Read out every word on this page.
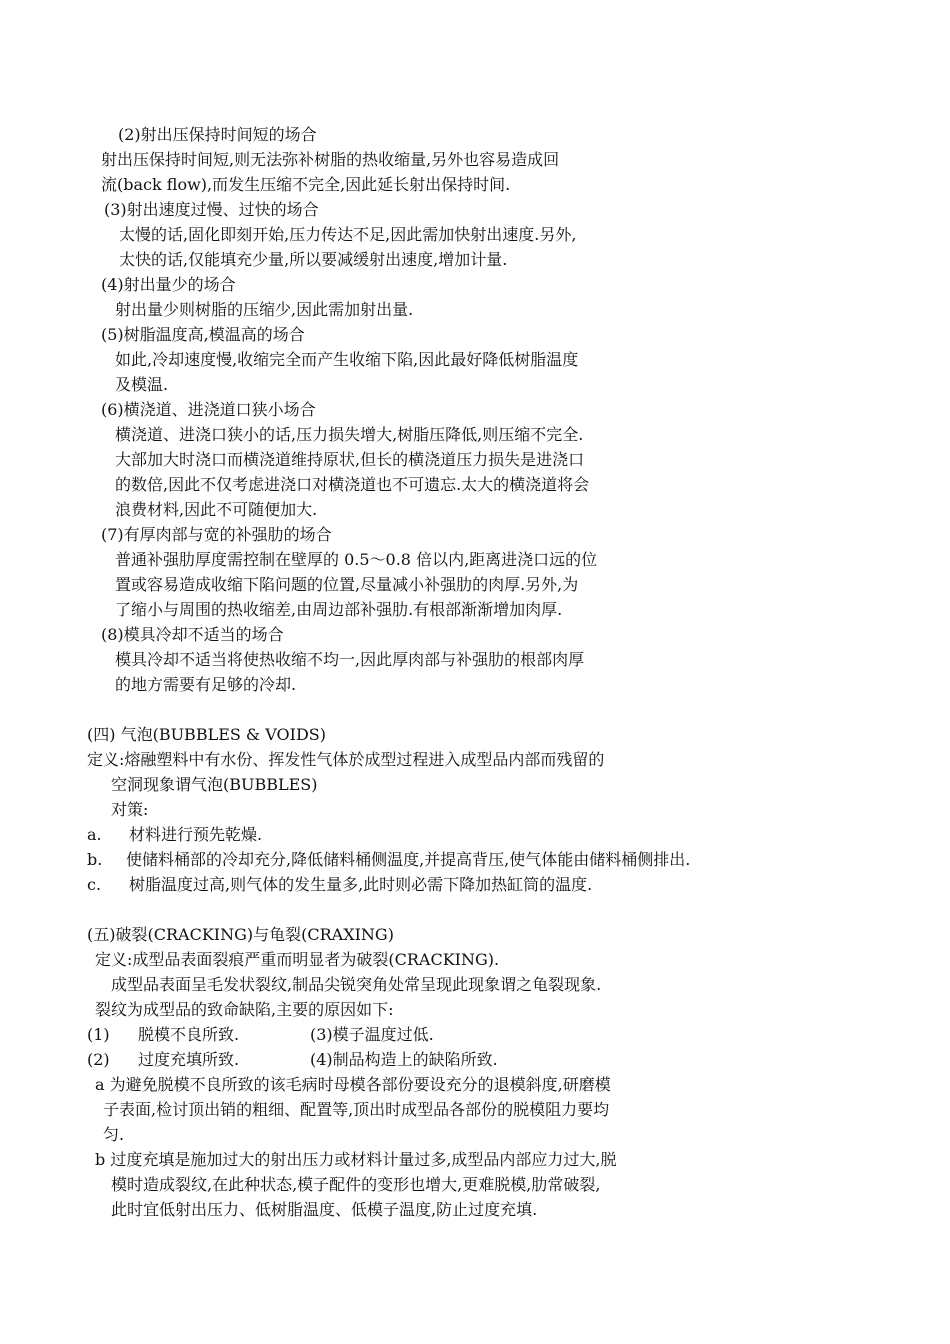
(2)射出压保持时间短的场合
射出压保持时间短,则无法弥补树脂的热收缩量,另外也容易造成回
流(back flow),而发生压缩不完全,因此延长射出保持时间.
(3)射出速度过慢、过快的场合
太慢的话,固化即刻开始,压力传达不足,因此需加快射出速度.另外,
太快的话,仅能填充少量,所以要减缓射出速度,增加计量.
(4)射出量少的场合
射出量少则树脂的压缩少,因此需加射出量.
(5)树脂温度高,模温高的场合
如此,冷却速度慢,收缩完全而产生收缩下陷,因此最好降低树脂温度
及模温.
(6)横浇道、进浇道口狭小场合
横浇道、进浇口狭小的话,压力损失增大,树脂压降低,则压缩不完全.
大部加大时浇口而横浇道维持原状,但长的横浇道压力损失是进浇口
的数倍,因此不仅考虑进浇口对横浇道也不可遗忘.太大的横浇道将会
浪费材料,因此不可随便加大.
(7)有厚肉部与宽的补强肋的场合
普通补强肋厚度需控制在壁厚的 0.5～0.8 倍以内,距离进浇口远的位
置或容易造成收缩下陷问题的位置,尽量减小补强肋的肉厚.另外,为
了缩小与周围的热收缩差,由周边部补强肋.有根部渐渐增加肉厚.
(8)模具冷却不适当的场合
模具冷却不适当将使热收缩不均一,因此厚肉部与补强肋的根部肉厚
的地方需要有足够的冷却.
(四) 气泡(BUBBLES & VOIDS)
定义:熔融塑料中有水份、挥发性气体於成型过程进入成型品内部而残留的
空洞现象谓气泡(BUBBLES)
对策:
a. 材料进行预先乾燥.
b. 使储料桶部的冷却充分,降低储料桶侧温度,并提高背压,使气体能由储料桶侧排出.
c. 树脂温度过高,则气体的发生量多,此时则必需下降加热缸筒的温度.
(五)破裂(CRACKING)与龟裂(CRAXING)
定义:成型品表面裂痕严重而明显者为破裂(CRACKING).
成型品表面呈毛发状裂纹,制品尖锐突角处常呈现此现象谓之龟裂现象.
裂纹为成型品的致命缺陷,主要的原因如下:
(1) 脱模不良所致.	(3)模子温度过低.
(2) 过度充填所致.	(4)制品构造上的缺陷所致.
a 为避免脱模不良所致的该毛病时母模各部份要设充分的退模斜度,研磨模
子表面,检讨顶出销的粗细、配置等,顶出时成型品各部份的脱模阻力要均
匀.
b 过度充填是施加过大的射出压力或材料计量过多,成型品内部应力过大,脱
模时造成裂纹,在此种状态,模子配件的变形也增大,更难脱模,肋常破裂,
此时宜低射出压力、低树脂温度、低模子温度,防止过度充填.
